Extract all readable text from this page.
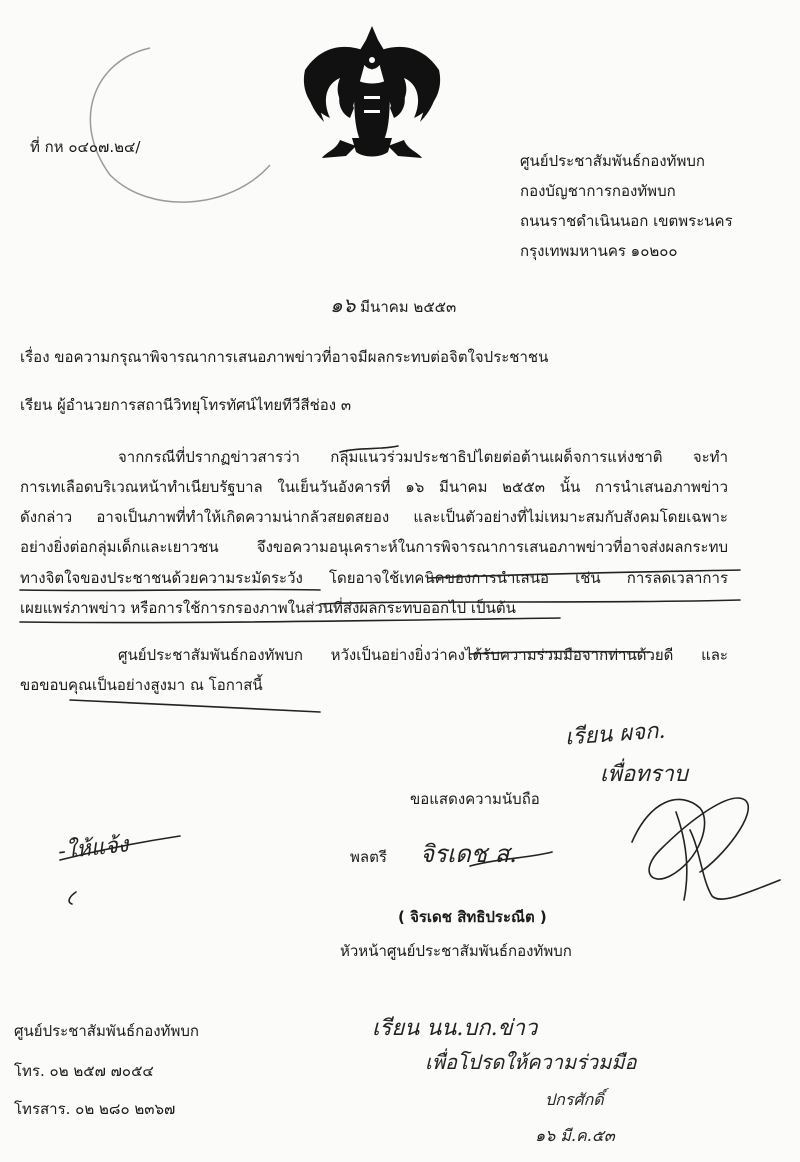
ที่ กห ๐๔๐๗.๒๔/
ศูนย์ประชาสัมพันธ์กองทัพบก
กองบัญชาการกองทัพบก
ถนนราชดำเนินนอก เขตพระนคร
กรุงเทพมหานคร ๑๐๒๐๐
๑๖ มีนาคม ๒๕๕๓
เรื่อง ขอความกรุณาพิจารณาการเสนอภาพข่าวที่อาจมีผลกระทบต่อจิตใจประชาชน
เรียน ผู้อำนวยการสถานีวิทยุโทรทัศน์ไทยทีวีสีช่อง ๓
จากกรณีที่ปรากฏข่าวสารว่า กลุ่มแนวร่วมประชาธิปไตยต่อต้านเผด็จการแห่งชาติ จะทำ
การเทเลือดบริเวณหน้าทำเนียบรัฐบาล ในเย็นวันอังคารที่ ๑๖ มีนาคม ๒๕๕๓ นั้น การนำเสนอภาพข่าว
ดังกล่าว อาจเป็นภาพที่ทำให้เกิดความน่ากลัวสยดสยอง และเป็นตัวอย่างที่ไม่เหมาะสมกับสังคมโดยเฉพาะ
อย่างยิ่งต่อกลุ่มเด็กและเยาวชน จึงขอความอนุเคราะห์ในการพิจารณาการเสนอภาพข่าวที่อาจส่งผลกระทบ
ทางจิตใจของประชาชนด้วยความระมัดระวัง โดยอาจใช้เทคนิคของการนำเสนอ เช่น การลดเวลาการ
เผยแพร่ภาพข่าว หรือการใช้การกรองภาพในส่วนที่ส่งผลกระทบออกไป เป็นต้น
ศูนย์ประชาสัมพันธ์กองทัพบก หวังเป็นอย่างยิ่งว่าคงได้รับความร่วมมือจากท่านด้วยดี และ
ขอขอบคุณเป็นอย่างสูงมา ณ โอกาสนี้
ขอแสดงความนับถือ
พลตรี จิรเดช ส.
( จิรเดช สิทธิประณีต )
หัวหน้าศูนย์ประชาสัมพันธ์กองทัพบก
ศูนย์ประชาสัมพันธ์กองทัพบก
โทร. ๐๒ ๒๕๗ ๗๐๕๔
โทรสาร. ๐๒ ๒๘๐ ๒๓๖๗
เรียน ผจก.
เพื่อทราบ
-ให้แจ้ง
เรียน นน.บก.ข่าว
เพื่อโปรดให้ความร่วมมือ
ปกรศักดิ์
๑๖ มี.ค.๕๓
